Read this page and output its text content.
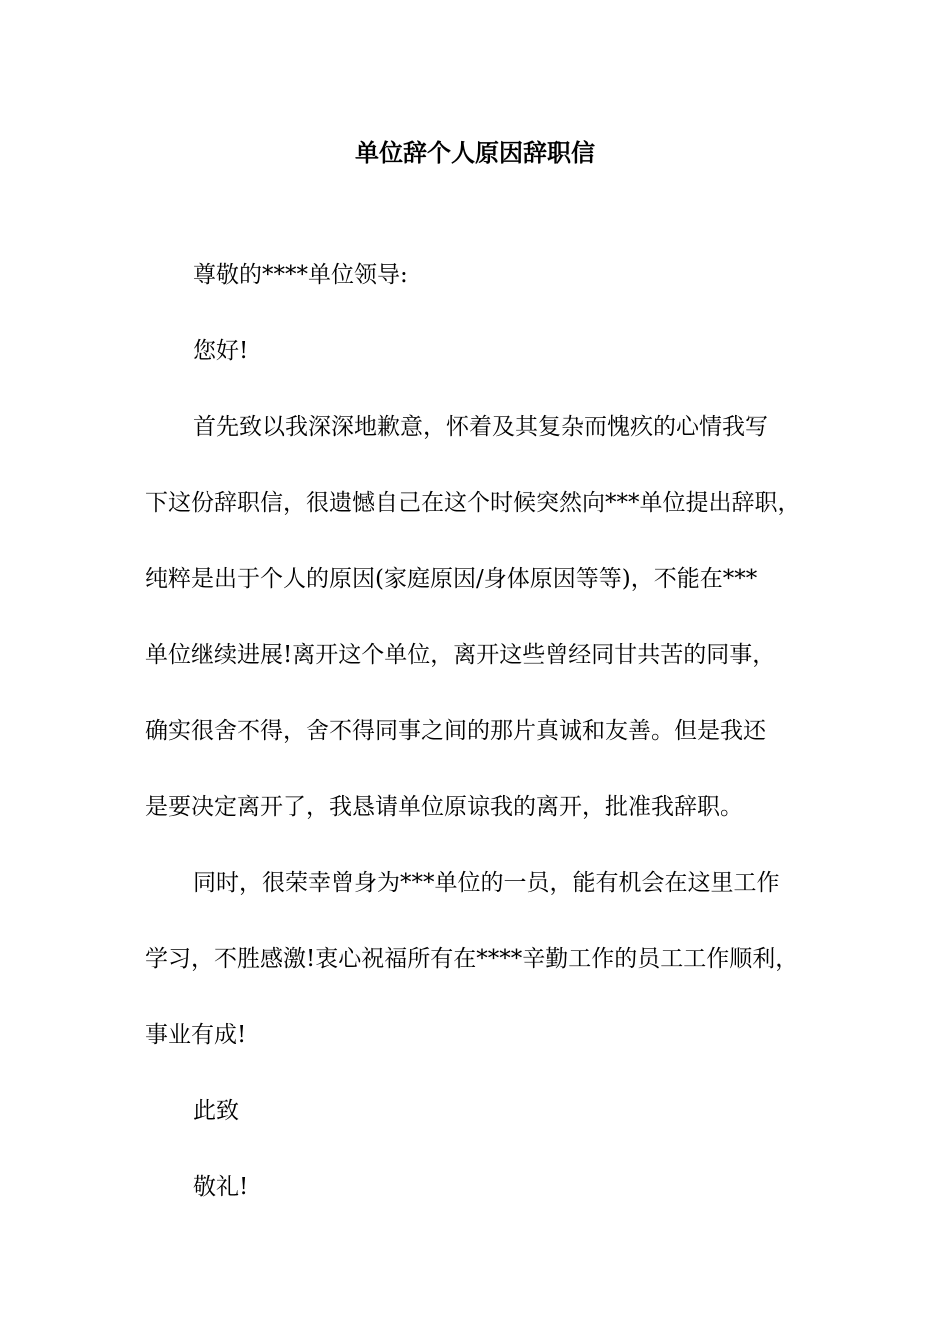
单位辞个人原因辞职信
尊敬的****单位领导:
您好!
首先致以我深深地歉意，怀着及其复杂而愧疚的心情我写
下这份辞职信，很遗憾自己在这个时候突然向***单位提出辞职，
纯粹是出于个人的原因(家庭原因/身体原因等等)，不能在***
单位继续进展!离开这个单位，离开这些曾经同甘共苦的同事，
确实很舍不得，舍不得同事之间的那片真诚和友善。但是我还
是要决定离开了，我恳请单位原谅我的离开，批准我辞职。
同时，很荣幸曾身为***单位的一员，能有机会在这里工作
学习，不胜感激!衷心祝福所有在****辛勤工作的员工工作顺利，
事业有成!
此致
敬礼!
